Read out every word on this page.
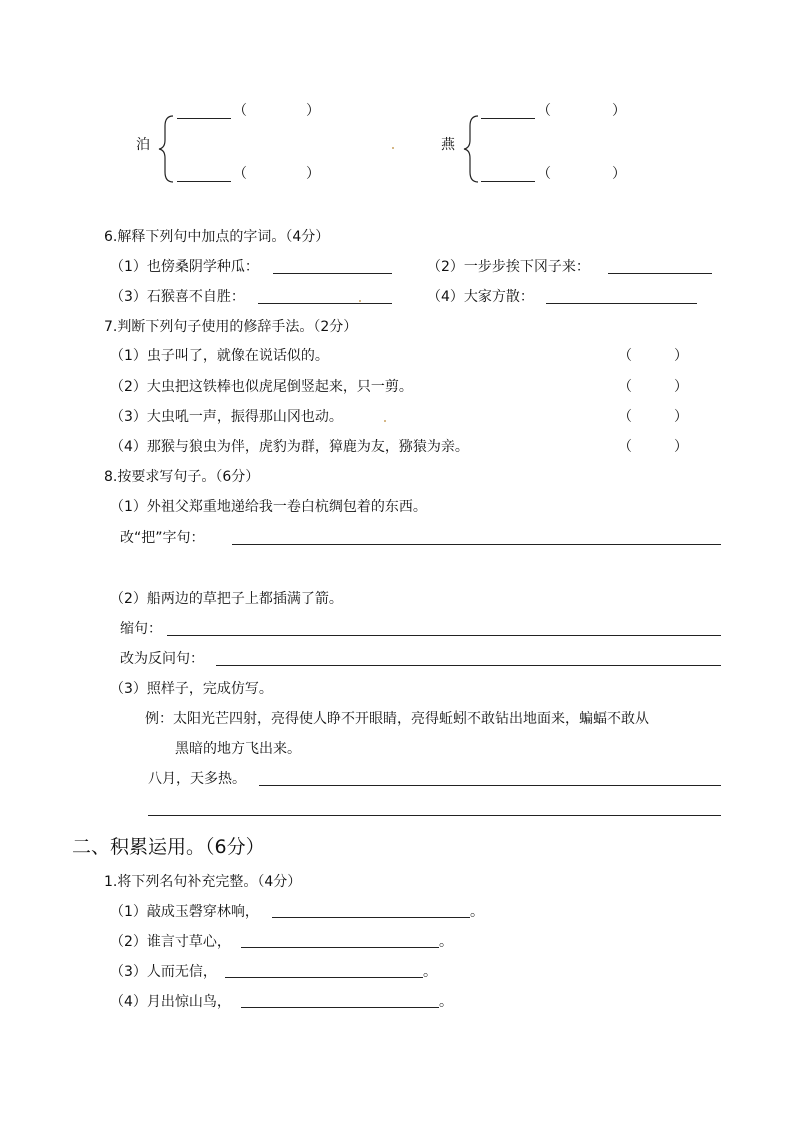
（	）
泊
（	）
（	）
燕
（	）
6.解释下列句中加点的字词。（4分）
（1）也傍桑阴学种瓜：	（2）一步步挨下冈子来：
（3）石猴喜不自胜：	（4）大家方散：
7.判断下列句子使用的修辞手法。（2分）
（1）虫子叫了，就像在说话似的。	（　　　）
（2）大虫把这铁棒也似虎尾倒竖起来，只一剪。	（　　　）
（3）大虫吼一声，振得那山冈也动。	（　　　）
（4）那猴与狼虫为伴，虎豹为群，獐鹿为友，猕猿为亲。	（　　　）
8.按要求写句子。（6分）
（1）外祖父郑重地递给我一卷白杭绸包着的东西。
改“把”字句：
（2）船两边的草把子上都插满了箭。
缩句：
改为反问句：
（3）照样子，完成仿写。
例：太阳光芒四射，亮得使人睁不开眼睛，亮得蚯蚓不敢钻出地面来，蝙蝠不敢从
黑暗的地方飞出来。
八月，天多热。
二、积累运用。（6分）
1.将下列名句补充完整。（4分）
（1）敲成玉磬穿林响，	。
（2）谁言寸草心，	。
（3）人而无信，	。
（4）月出惊山鸟，	。
